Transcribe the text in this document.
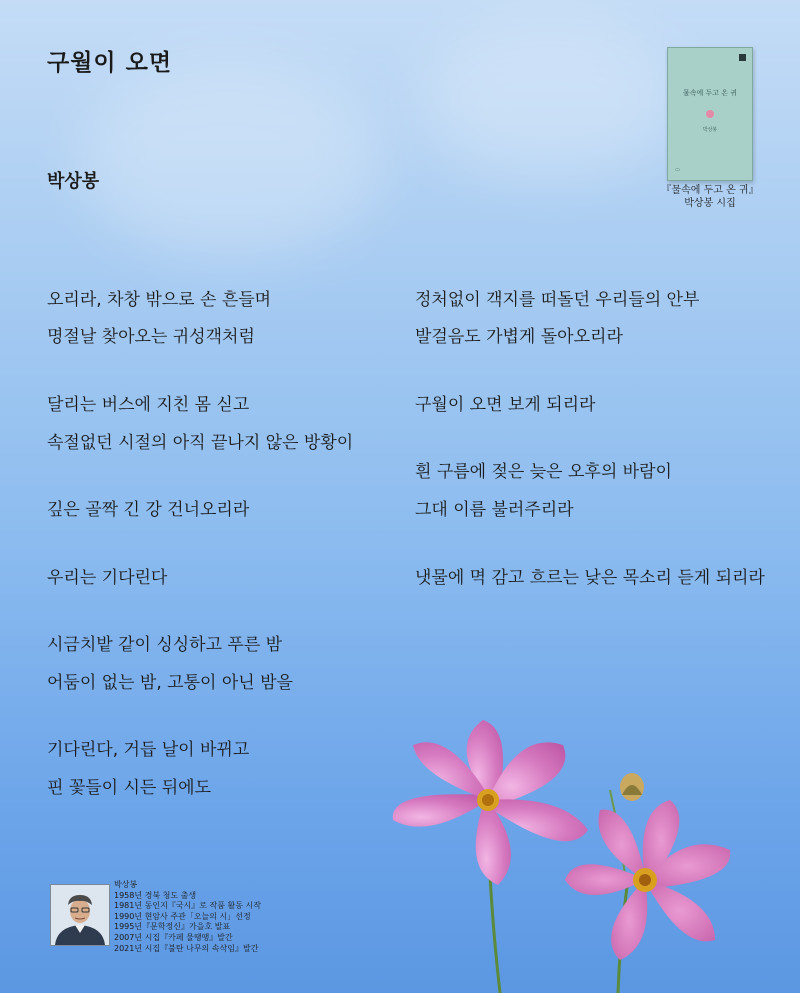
구월이 오면
박상봉
오리라, 차창 밖으로 손 흔들며
명절날 찾아오는 귀성객처럼
달리는 버스에 지친 몸 싣고
속절없던 시절의 아직 끝나지 않은 방황이
깊은 골짝 긴 강 건너오리라
우리는 기다린다
시금치밭 같이 싱싱하고 푸른 밤
어둠이 없는 밤, 고통이 아닌 밤을
기다린다, 거듭 날이 바뀌고
핀 꽃들이 시든 뒤에도
정처없이 객지를 떠돌던 우리들의 안부
발걸음도 가볍게 돌아오리라
구월이 오면 보게 되리라
흰 구름에 젖은 늦은 오후의 바람이
그대 이름 불러주리라
냇물에 멱 감고 흐르는 낮은 목소리 듣게 되리라
물속에 두고 온 귀
박상봉
▭
『물속에 두고 온 귀』
박상봉 시집
박상봉
1958년 경북 청도 출생
1981년 동인지『국시』로 작품 활동 시작
1990년 현암사 주관「오늘의 시」선정
1995년『문학정신』가을호 발표
2007년 시집『카페 물땡땡』발간
2021년 시집『불탄 나무의 속삭임』발간
